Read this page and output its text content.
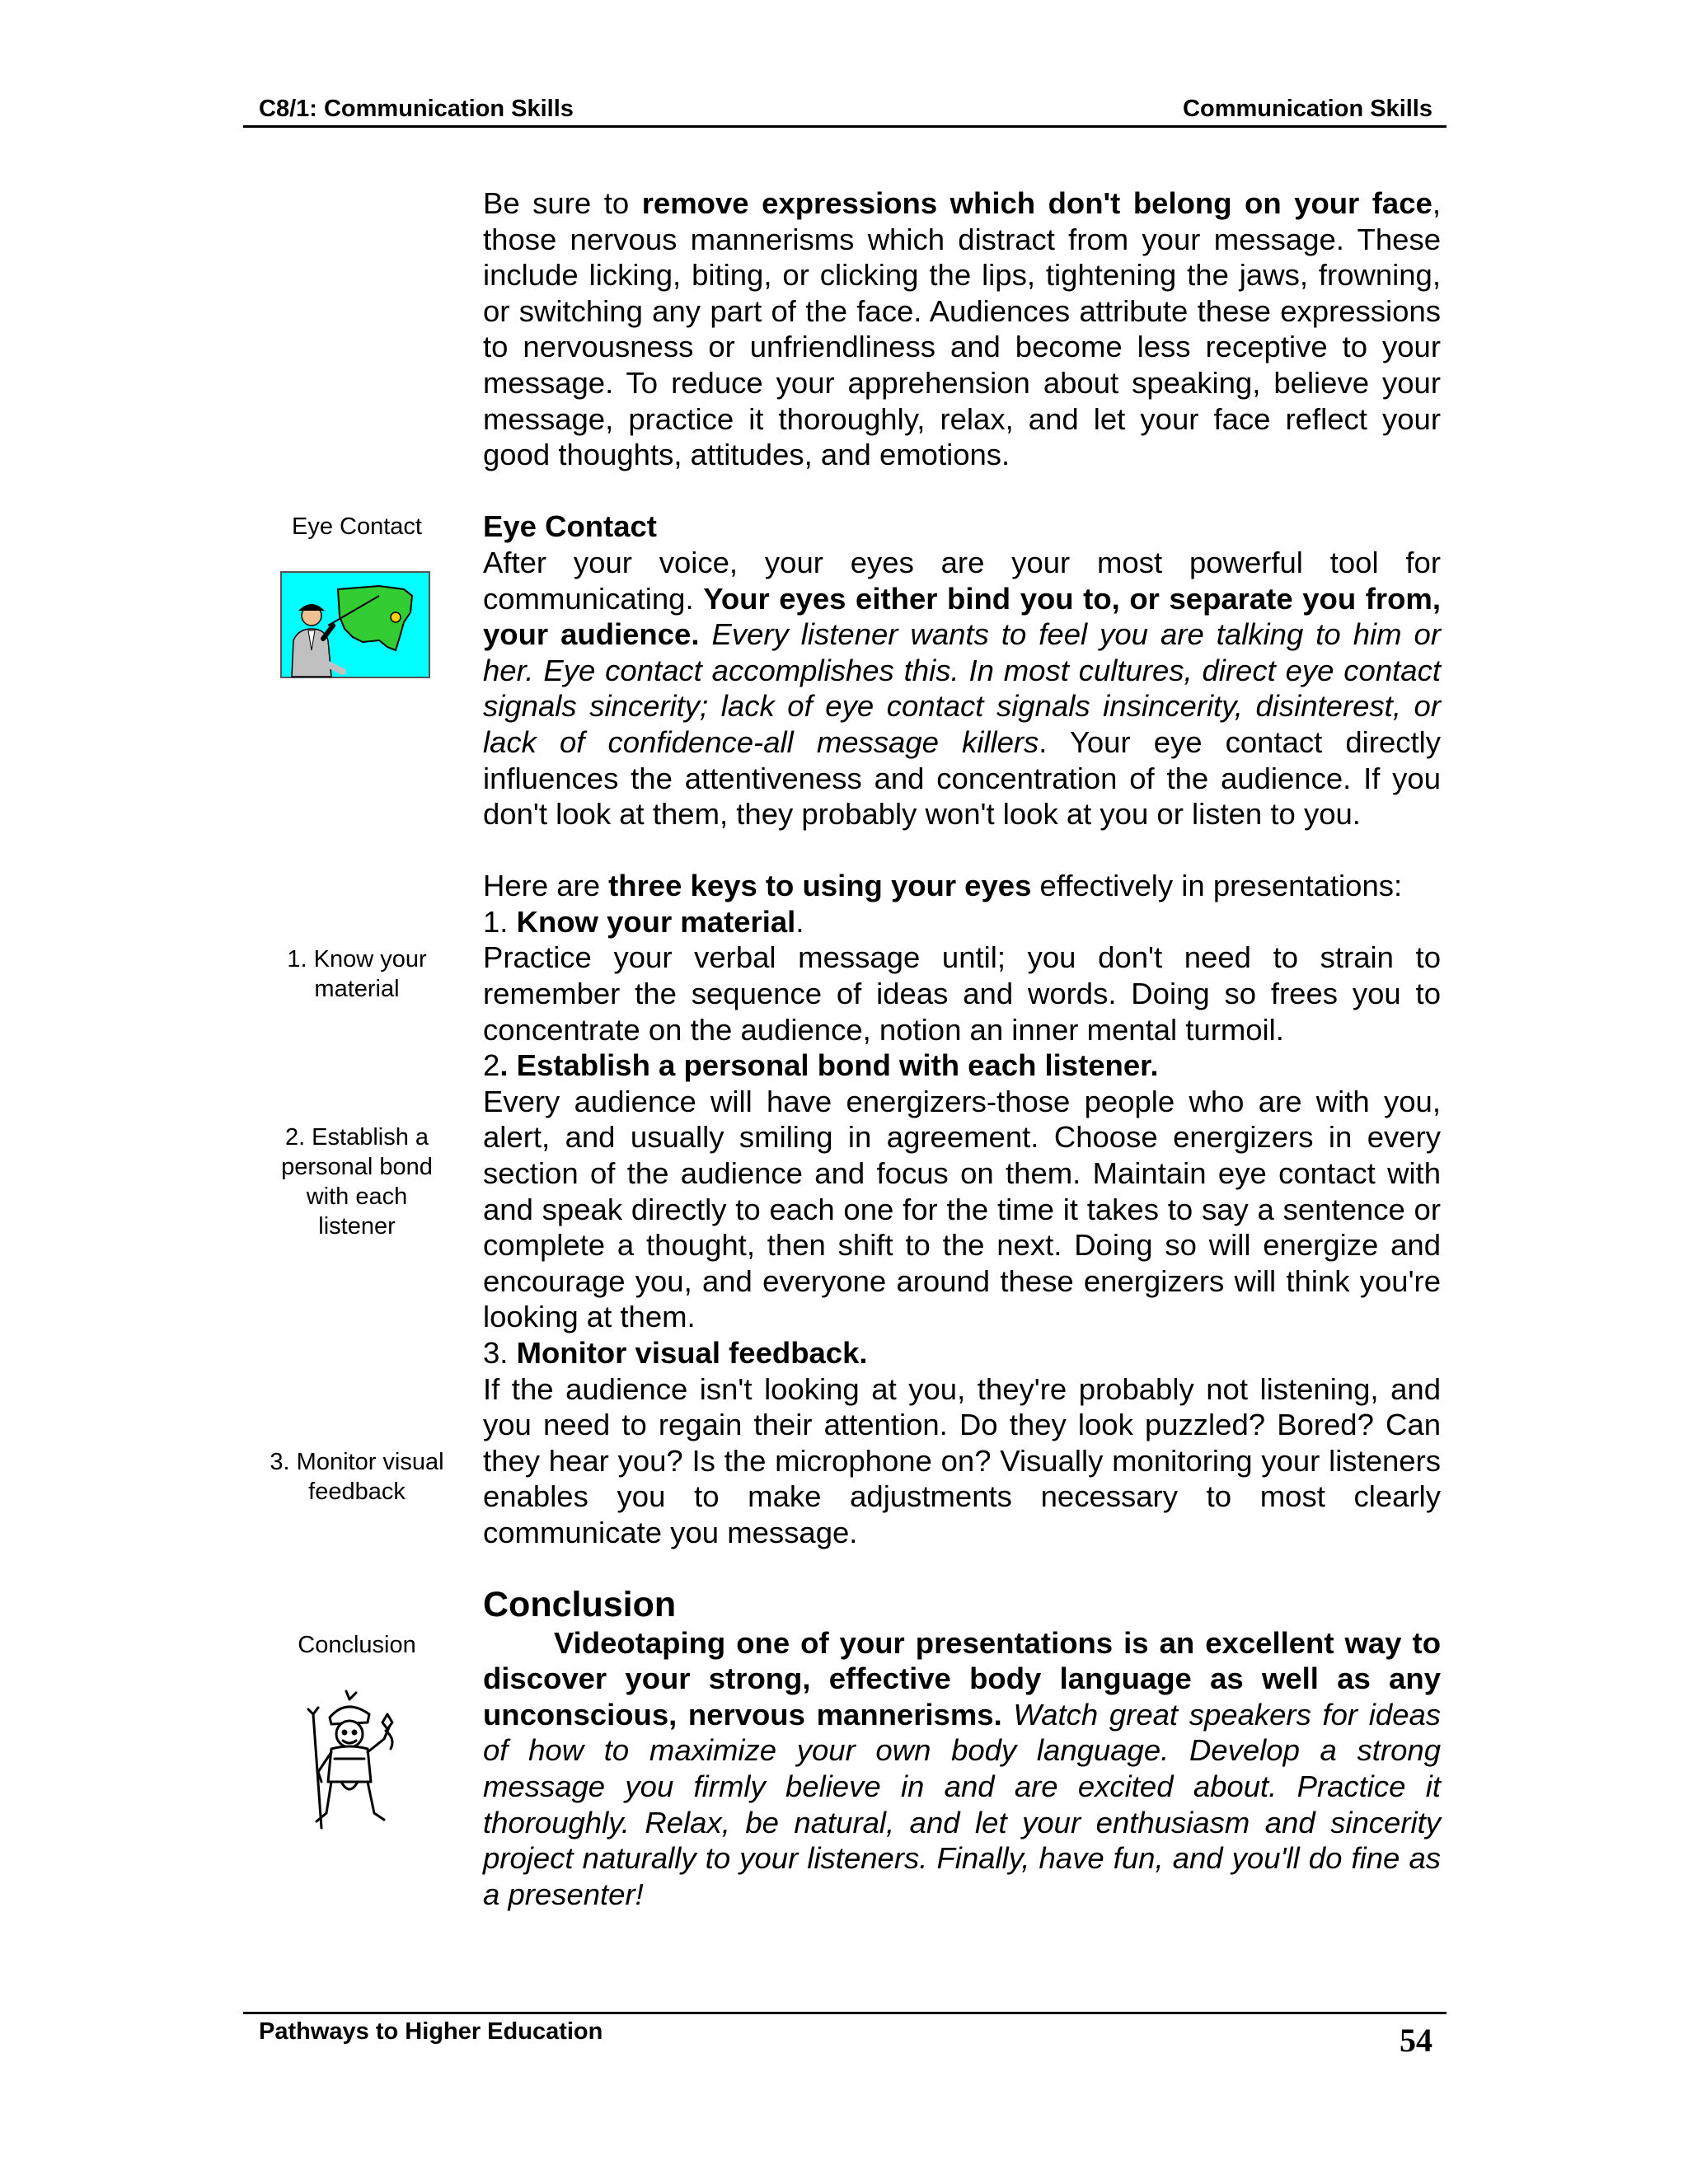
C8/1: Communication Skills	Communication Skills
Eye Contact
1. Know your
material
2. Establish a
personal bond
with each
listener
3. Monitor visual
feedback
Conclusion

Be sure to remove expressions which don't belong on your face, those nervous mannerisms which distract from your message. These include licking, biting, or clicking the lips, tightening the jaws, frowning, or switching any part of the face. Audiences attribute these expressions to nervousness or unfriendliness and become less receptive to your message. To reduce your apprehension about speaking, believe your message, practice it thoroughly, relax, and let your face reflect your good thoughts, attitudes, and emotions.

Eye Contact

After your voice, your eyes are your most powerful tool for communicating. Your eyes either bind you to, or separate you from, your audience. Every listener wants to feel you are talking to him or her. Eye contact accomplishes this. In most cultures, direct eye contact signals sincerity; lack of eye contact signals insincerity, disinterest, or lack of confidence-all message killers. Your eye contact directly influences the attentiveness and concentration of the audience. If you don't look at them, they probably won't look at you or listen to you.

Here are three keys to using your eyes effectively in presentations:

1. Know your material.

Practice your verbal message until; you don't need to strain to remember the sequence of ideas and words. Doing so frees you to concentrate on the audience, notion an inner mental turmoil.

2. Establish a personal bond with each listener.

Every audience will have energizers-those people who are with you, alert, and usually smiling in agreement. Choose energizers in every section of the audience and focus on them. Maintain eye contact with and speak directly to each one for the time it takes to say a sentence or complete a thought, then shift to the next. Doing so will energize and encourage you, and everyone around these energizers will think you're looking at them.

3. Monitor visual feedback.

If the audience isn't looking at you, they're probably not listening, and you need to regain their attention. Do they look puzzled? Bored? Can they hear you? Is the microphone on? Visually monitoring your listeners enables you to make adjustments necessary to most clearly communicate you message.

Conclusion

Videotaping one of your presentations is an excellent way to discover your strong, effective body language as well as any unconscious, nervous mannerisms. Watch great speakers for ideas of how to maximize your own body language. Develop a strong message you firmly believe in and are excited about. Practice it thoroughly. Relax, be natural, and let your enthusiasm and sincerity project naturally to your listeners. Finally, have fun, and you'll do fine as a presenter!

Pathways to Higher Education	54
